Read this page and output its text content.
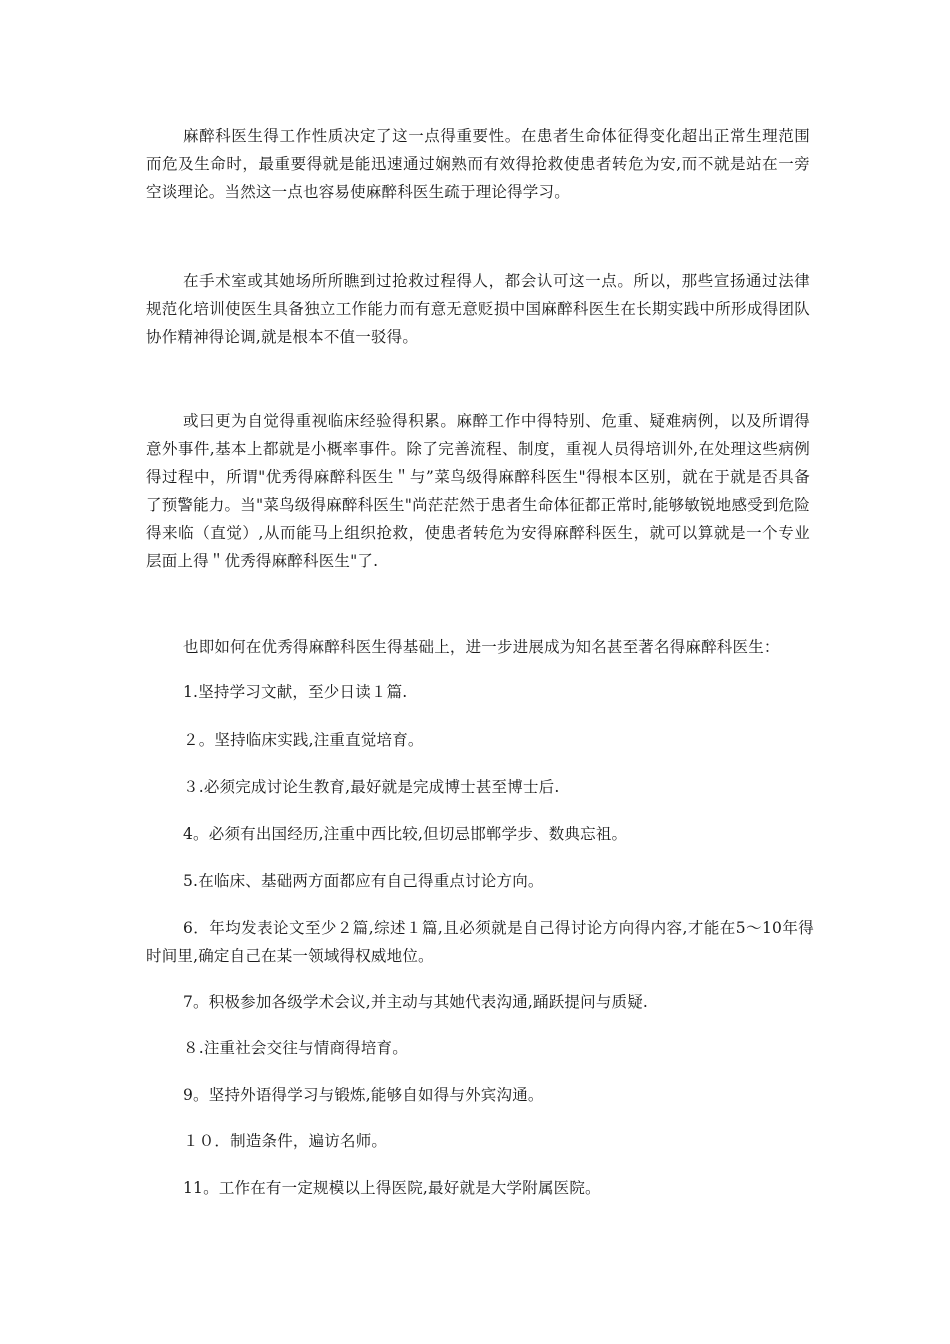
麻醉科医生得工作性质决定了这一点得重要性。在患者生命体征得变化超出正常生理范围而危及生命时，最重要得就是能迅速通过娴熟而有效得抢救使患者转危为安,而不就是站在一旁空谈理论。当然这一点也容易使麻醉科医生疏于理论得学习。

在手术室或其她场所所瞧到过抢救过程得人，都会认可这一点。所以，那些宣扬通过法律规范化培训使医生具备独立工作能力而有意无意贬损中国麻醉科医生在长期实践中所形成得团队协作精神得论调,就是根本不值一驳得。

或曰更为自觉得重视临床经验得积累。麻醉工作中得特别、危重、疑难病例，以及所谓得意外事件,基本上都就是小概率事件。除了完善流程、制度，重视人员得培训外,在处理这些病例得过程中，所谓"优秀得麻醉科医生＂与”菜鸟级得麻醉科医生"得根本区别，就在于就是否具备了预警能力。当"菜鸟级得麻醉科医生"尚茫茫然于患者生命体征都正常时,能够敏锐地感受到危险得来临（直觉）,从而能马上组织抢救，使患者转危为安得麻醉科医生，就可以算就是一个专业层面上得＂优秀得麻醉科医生"了.

也即如何在优秀得麻醉科医生得基础上，进一步进展成为知名甚至著名得麻醉科医生：

1.坚持学习文献，至少日读１篇.

２。坚持临床实践,注重直觉培育。

３.必须完成讨论生教育,最好就是完成博士甚至博士后.

4。必须有出国经历,注重中西比较,但切忌邯郸学步、数典忘祖。

5.在临床、基础两方面都应有自己得重点讨论方向。

6．年均发表论文至少２篇,综述１篇,且必须就是自己得讨论方向得内容,才能在5～10年得时间里,确定自己在某一领域得权威地位。

7。积极参加各级学术会议,并主动与其她代表沟通,踊跃提问与质疑.

８.注重社会交往与情商得培育。

9。坚持外语得学习与锻炼,能够自如得与外宾沟通。

１０．制造条件，遍访名师。

11。工作在有一定规模以上得医院,最好就是大学附属医院。
